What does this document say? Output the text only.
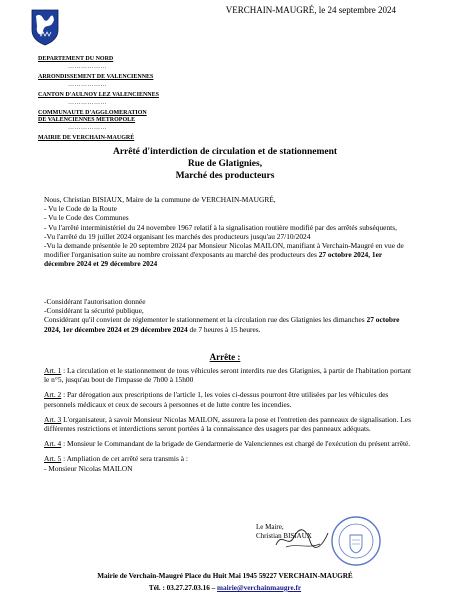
VERCHAIN-MAUGRÉ, le 24 septembre 2024
DEPARTEMENT DU NORD
………………
ARRONDISSEMENT DE VALENCIENNES
………………
CANTON D'AULNOY LEZ VALENCIENNES
………………
COMMUNAUTE D'AGGLOMERATION
DE VALENCIENNES METROPOLE
………………
MAIRIE DE VERCHAIN-MAUGRÉ
Arrêté d'interdiction de circulation et de stationnement
Rue de Glatignies,
Marché des producteurs

Nous, Christian BISIAUX, Maire de la commune de VERCHAIN-MAUGRÉ,

- Vu le Code de la Route

- Vu le Code des Communes

- Vu l'arrêté interministériel du 24 novembre 1967 relatif à la signalisation routière modifié par des arrêtés subséquents,

-Vu l'arrêté du 19 juillet 2024 organisant les marchés des producteurs jusqu'au 27/10/2024

-Vu la demande présentée le 20 septembre 2024 par Monsieur Nicolas MAILON, manifiant à Verchain-Maugré en vue de modifier l'organisation suite au nombre croissant d'exposants au marché des producteurs des 27 octobre 2024, 1er décembre 2024 et 29 décembre 2024

-Considérant l'autorisation donnée

-Considérant la sécurité publique,

Considérant qu'il convient de réglementer le stationnement et la circulation rue des Glatignies les dimanches 27 octobre 2024, 1er décembre 2024 et 29 décembre 2024 de 7 heures à 15 heures.

Arrête :

Art. 1 : La circulation et le stationnement de tous véhicules seront interdits rue des Glatignies, à partir de l'habitation portant le n°5, jusqu'au bout de l'impasse de 7h00 à 15h00

Art. 2 : Par dérogation aux prescriptions de l'article 1, les voies ci-dessus pourront être utilisées par les véhicules des personnels médicaux et ceux de secours à personnes et de lutte contre les incendies.

Art. 3 L'organisateur, à savoir Monsieur Nicolas MAILON, assurera la pose et l'entretien des panneaux de signalisation. Les différentes restrictions et interdictions seront portées à la connaissance des usagers par des panneaux adéquats.

Art. 4 : Monsieur le Commandant de la brigade de Gendarmerie de Valenciennes est chargé de l'exécution du présent arrêté.

Art. 5 : Ampliation de cet arrêté sera transmis à :

- Monsieur Nicolas MAILON

Le Maire,
Christian BISIAUX
Mairie de Verchain-Maugré Place du Huit Mai 1945 59227 VERCHAIN-MAUGRÉ
Tél. : 03.27.27.03.16 – mairie@verchainmaugre.fr
